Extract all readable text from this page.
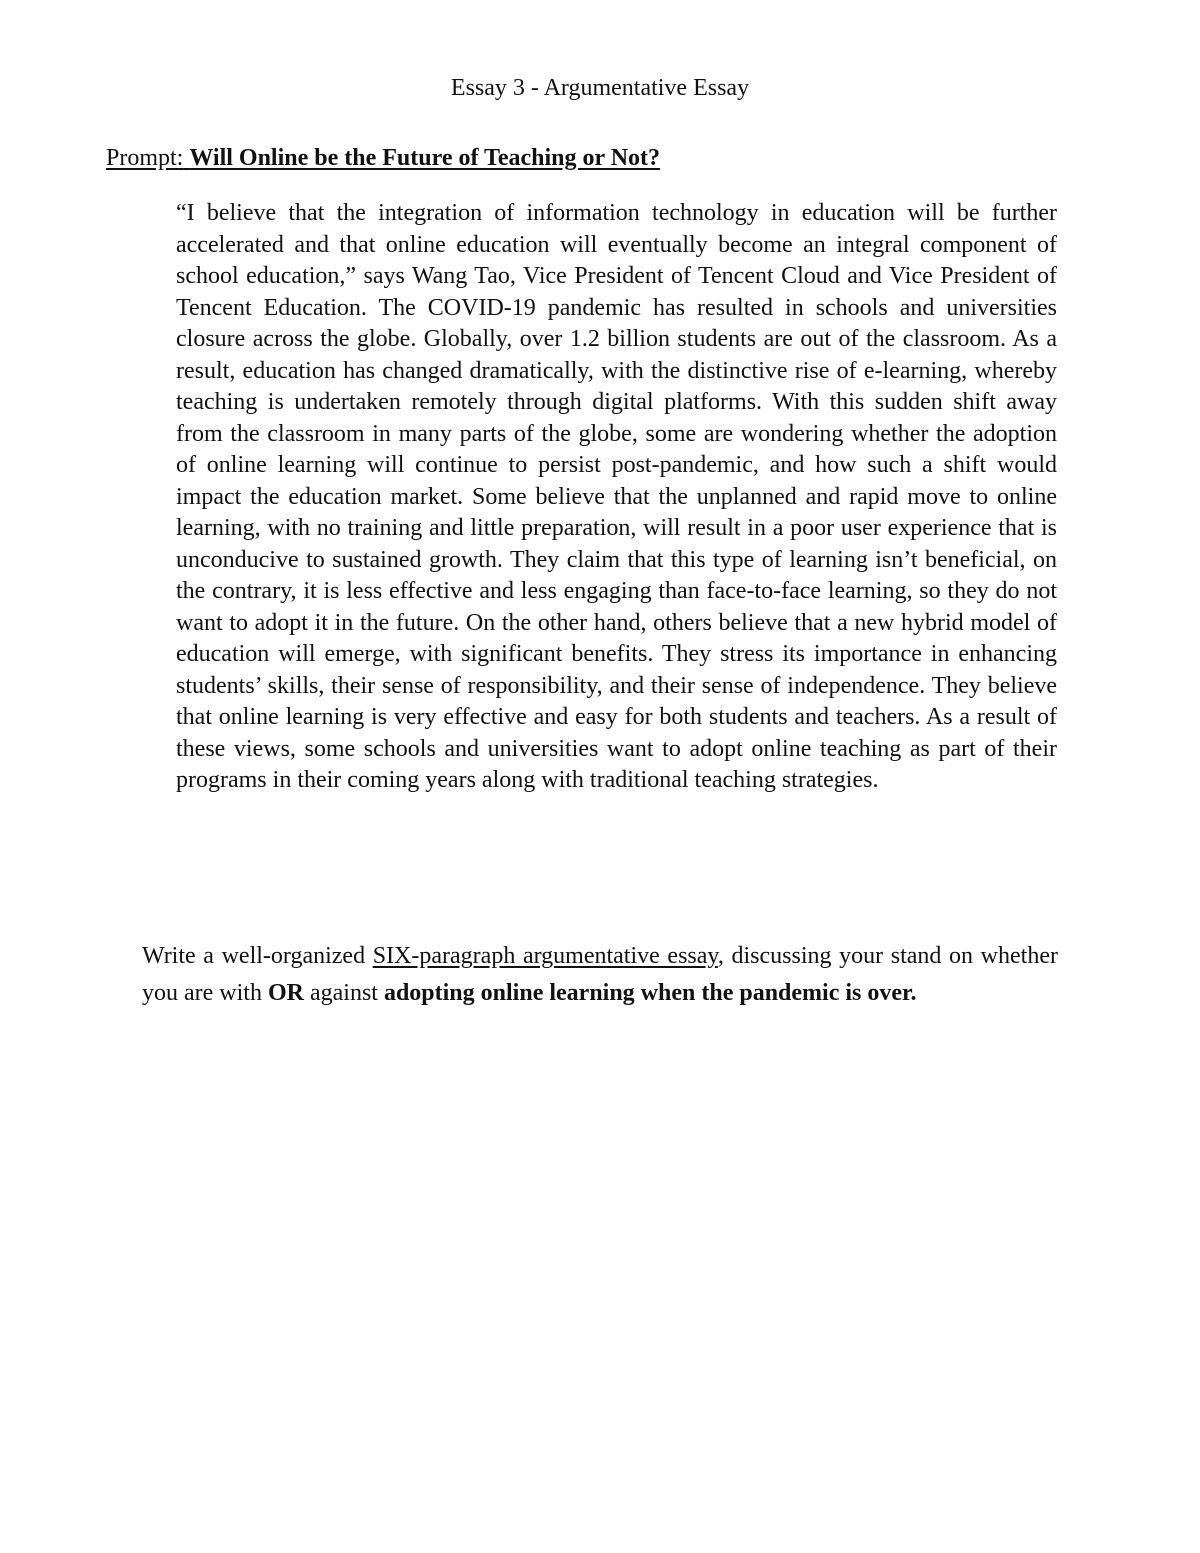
Essay 3 - Argumentative Essay

Prompt: Will Online be the Future of Teaching or Not?

“I believe that the integration of information technology in education will be further accelerated and that online education will eventually become an integral component of school education,” says Wang Tao, Vice President of Tencent Cloud and Vice President of Tencent Education. The COVID-19 pandemic has resulted in schools and universities closure across the globe. Globally, over 1.2 billion students are out of the classroom. As a result, education has changed dramatically, with the distinctive rise of e-learning, whereby teaching is undertaken remotely through digital platforms. With this sudden shift away from the classroom in many parts of the globe, some are wondering whether the adoption of online learning will continue to persist post-pandemic, and how such a shift would impact the education market. Some believe that the unplanned and rapid move to online learning, with no training and little preparation, will result in a poor user experience that is unconducive to sustained growth. They claim that this type of learning isn’t beneficial, on the contrary, it is less effective and less engaging than face-to-face learning, so they do not want to adopt it in the future. On the other hand, others believe that a new hybrid model of education will emerge, with significant benefits. They stress its importance in enhancing students’ skills, their sense of responsibility, and their sense of independence. They believe that online learning is very effective and easy for both students and teachers. As a result of these views, some schools and universities want to adopt online teaching as part of their programs in their coming years along with traditional teaching strategies.

Write a well-organized SIX-paragraph argumentative essay, discussing your stand on whether you are with OR against adopting online learning when the pandemic is over.
